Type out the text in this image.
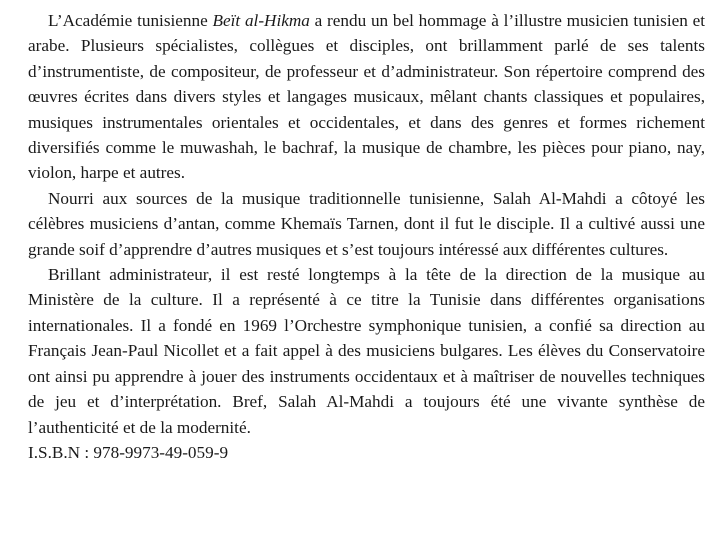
L’Académie tunisienne Beït al-Hikma a rendu un bel hommage à l’illustre musicien tunisien et arabe. Plusieurs spécialistes, collègues et disciples, ont brillamment parlé de ses talents d’instrumentiste, de compositeur, de professeur et d’administrateur. Son répertoire comprend des œuvres écrites dans divers styles et langages musicaux, mêlant chants classiques et populaires, musiques instrumentales orientales et occidentales, et dans des genres et formes richement diversifiés comme le muwashah, le bachraf, la musique de chambre, les pièces pour piano, nay, violon, harpe et autres.

Nourri aux sources de la musique traditionnelle tunisienne, Salah Al-Mahdi a côtoyé les célèbres musiciens d’antan, comme Khemaïs Tarnen, dont il fut le disciple. Il a cultivé aussi une grande soif d’apprendre d’autres musiques et s’est toujours intéressé aux différentes cultures.

Brillant administrateur, il est resté longtemps à la tête de la direction de la musique au Ministère de la culture. Il a représenté à ce titre la Tunisie dans différentes organisations internationales. Il a fondé en 1969 l’Orchestre symphonique tunisien, a confié sa direction au Français Jean-Paul Nicollet et a fait appel à des musiciens bulgares. Les élèves du Conservatoire ont ainsi pu apprendre à jouer des instruments occidentaux et à maîtriser de nouvelles techniques de jeu et d’interprétation. Bref, Salah Al-Mahdi a toujours été une vivante synthèse de l’authenticité et de la modernité.

I.S.B.N : 978-9973-49-059-9
